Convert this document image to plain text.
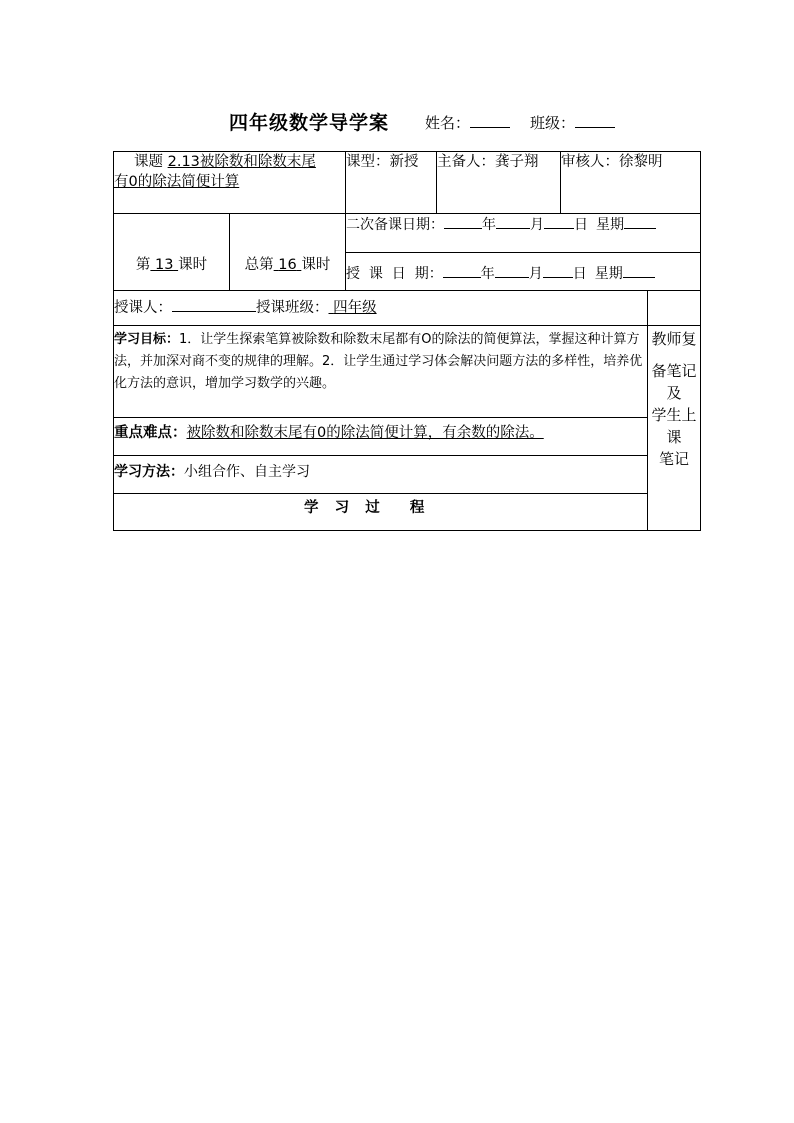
四年级数学导学案 姓名：	班级：
课题 2.13被除数和除数末尾
有0的除法简便计算		课型：新授	主备人：龚子翔	审核人：徐黎明	

第 13 课时	总第 16 课时	二次备课日期： 年 月 日 星期			
		授  课  日  期： 年 月 日 星期			
授课人： 授课班级： 四年级					
学习目标：1．让学生探索笔算被除数和除数末尾都有O的除法的简便算法，掌握这种计算方法，并加深对商不变的规律的理解。2．让学生通过学习体会解决问题方法的多样性，培养优化方法的意识，增加学习数学的兴趣。					教师复
备笔记及
学生上课
笔记

重点难点：被除数和除数末尾有0的除法简便计算，有余数的除法。					
学习方法：小组合作、自主学习					
学  习  过    程					
